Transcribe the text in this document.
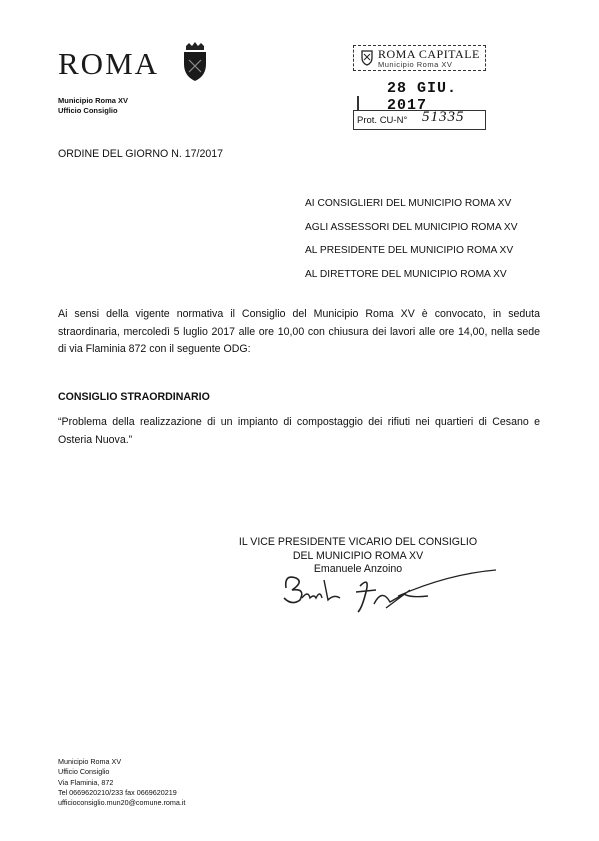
ROMA
Municipio Roma XV
Ufficio Consiglio
ROMA CAPITALE
Municipio Roma XV
28 GIU. 2017
Prot. CU-N° 51335
ORDINE DEL GIORNO N. 17/2017
AI CONSIGLIERI DEL MUNICIPIO ROMA XV
AGLI ASSESSORI DEL MUNICIPIO ROMA XV
AL PRESIDENTE DEL MUNICIPIO ROMA XV
AL DIRETTORE DEL MUNICIPIO ROMA XV
Ai sensi della vigente normativa il Consiglio del Municipio Roma XV è convocato, in seduta straordinaria, mercoledì 5 luglio 2017 alle ore 10,00 con chiusura dei lavori alle ore 14,00, nella sede di via Flaminia 872 con il seguente ODG:
CONSIGLIO STRAORDINARIO
“Problema della realizzazione di un impianto di compostaggio dei rifiuti nei quartieri di Cesano e Osteria Nuova.”
IL VICE PRESIDENTE VICARIO DEL CONSIGLIO
DEL MUNICIPIO ROMA XV
Emanuele Anzoino
Municipio Roma XV
Ufficio Consiglio
Via Flaminia, 872
Tel 0669620210/233 fax 0669620219
ufficioconsiglio.mun20@comune.roma.it
